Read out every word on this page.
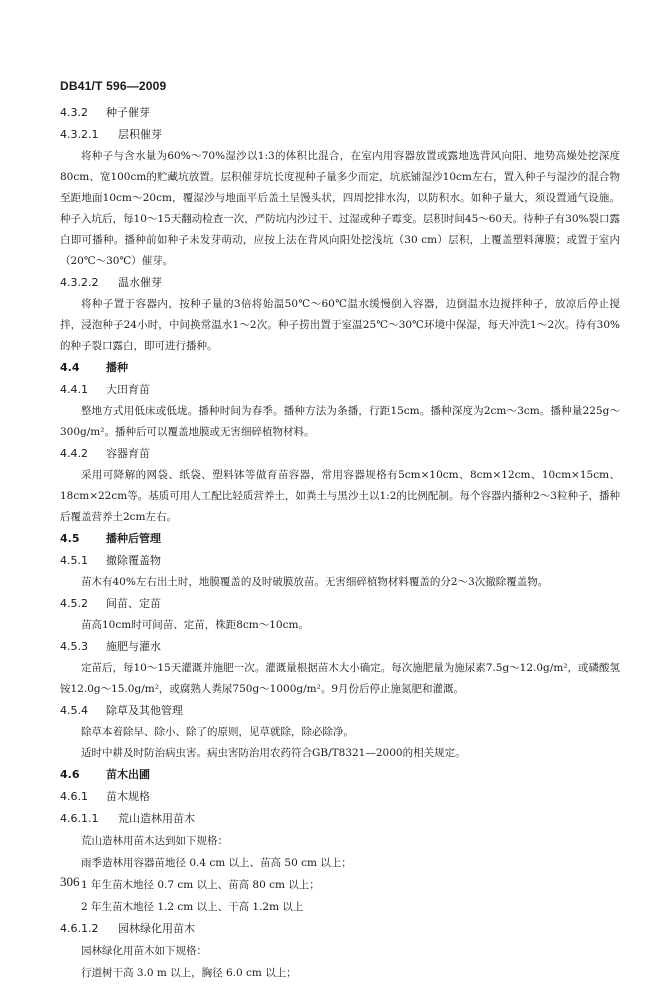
DB41/T 596—2009
4.3.2 种子催芽
4.3.2.1 层积催芽

将种子与含水量为60%～70%湿沙以1:3的体积比混合，在室内用容器放置或露地选背风向阳、地势高燥处挖深度80cm、宽100cm的贮藏坑放置。层积催芽坑长度视种子量多少而定，坑底铺湿沙10cm左右，置入种子与湿沙的混合物至距地面10cm～20cm，覆湿沙与地面平后盖土呈馒头状，四周挖排水沟，以防积水。如种子量大，须设置通气设施。种子入坑后，每10～15天翻动检查一次，严防坑内沙过干、过湿或种子霉变。层积时间45～60天。待种子有30%裂口露白即可播种。播种前如种子未发芽萌动，应按上法在背风向阳处挖浅坑（30 cm）层积，上覆盖塑料薄膜；或置于室内（20℃～30℃）催芽。

4.3.2.2 温水催芽

将种子置于容器内，按种子量的3倍将始温50℃～60℃温水缓慢倒入容器，边倒温水边搅拌种子，放凉后停止搅拌，浸泡种子24小时，中间换常温水1～2次。种子捞出置于室温25℃～30℃环境中保湿，每天冲洗1～2次。待有30%的种子裂口露白，即可进行播种。

4.4 播种
4.4.1 大田育苗

整地方式用低床或低垅。播种时间为春季。播种方法为条播，行距15cm。播种深度为2cm～3cm。播种量225g～300g/m²。播种后可以覆盖地膜或无害细碎植物材料。

4.4.2 容器育苗

采用可降解的网袋、纸袋、塑料钵等做育苗容器，常用容器规格有5cm×10cm、8cm×12cm、10cm×15cm、18cm×22cm等。基质可用人工配比轻质营养土，如粪土与黑沙土以1:2的比例配制。每个容器内播种2～3粒种子，播种后覆盖营养土2cm左右。

4.5 播种后管理
4.5.1 撤除覆盖物

苗木有40%左右出土时，地膜覆盖的及时破膜放苗。无害细碎植物材料覆盖的分2～3次撤除覆盖物。

4.5.2 间苗、定苗

苗高10cm时可间苗、定苗，株距8cm～10cm。

4.5.3 施肥与灌水

定苗后，每10～15天灌溉并施肥一次。灌溉量根据苗木大小确定。每次施肥量为施尿素7.5g～12.0g/m²，或磷酸氢铵12.0g～15.0g/m²，或腐熟人粪尿750g～1000g/m²。9月份后停止施氮肥和灌溉。

4.5.4 除草及其他管理

除草本着除早、除小、除了的原则，见草就除，除必除净。

适时中耕及时防治病虫害。病虫害防治用农药符合GB/T8321—2000的相关规定。

4.6 苗木出圃
4.6.1 苗木规格
4.6.1.1 荒山造林用苗木
荒山造林用苗木达到如下规格：
雨季造林用容器苗地径 0.4 cm 以上、苗高 50 cm 以上；
1 年生苗木地径 0.7 cm 以上、苗高 80 cm 以上；
2 年生苗木地径 1.2 cm 以上、干高 1.2m 以上
4.6.1.2 园林绿化用苗木
园林绿化用苗木如下规格：
行道树干高 3.0 m 以上，胸径 6.0 cm 以上；
306
